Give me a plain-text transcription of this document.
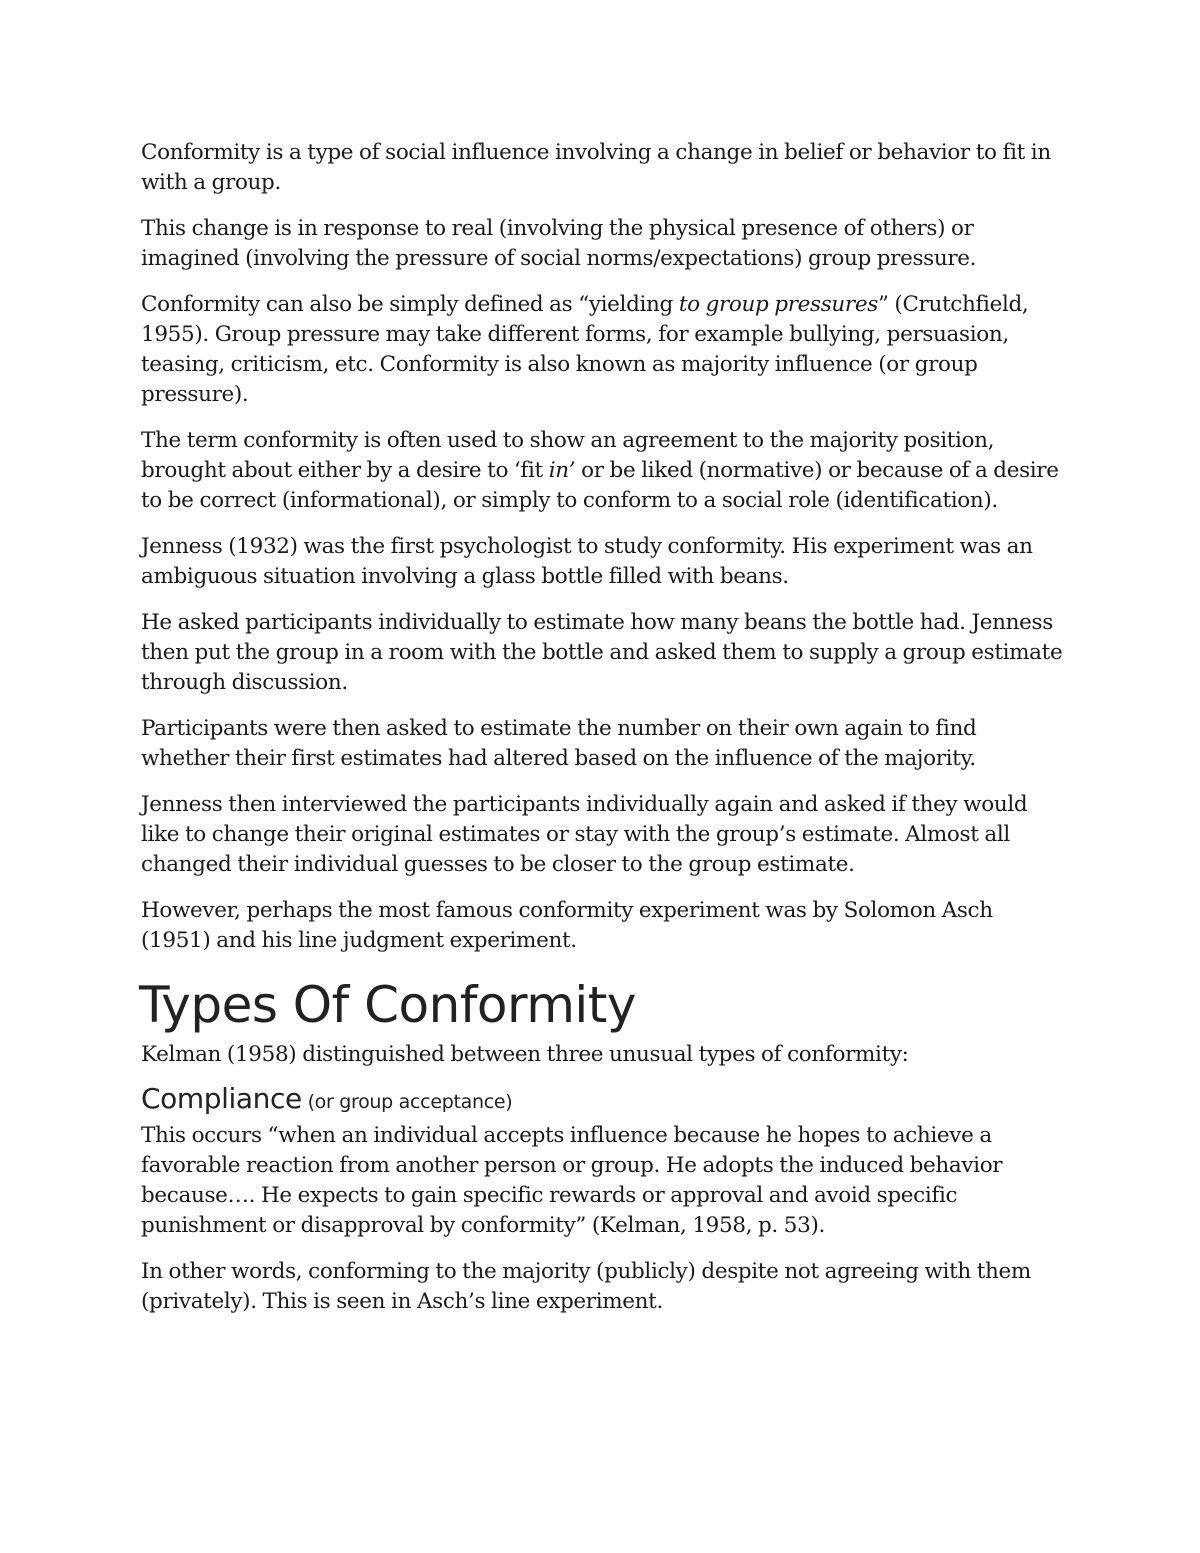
Conformity is a type of social influence involving a change in belief or behavior to fit in with a group.

This change is in response to real (involving the physical presence of others) or imagined (involving the pressure of social norms/expectations) group pressure.

Conformity can also be simply defined as “yielding to group pressures” (Crutchfield, 1955). Group pressure may take different forms, for example bullying, persuasion, teasing, criticism, etc. Conformity is also known as majority influence (or group pressure).

The term conformity is often used to show an agreement to the majority position, brought about either by a desire to ‘fit in’ or be liked (normative) or because of a desire to be correct (informational), or simply to conform to a social role (identification).

Jenness (1932) was the first psychologist to study conformity. His experiment was an ambiguous situation involving a glass bottle filled with beans.

He asked participants individually to estimate how many beans the bottle had. Jenness then put the group in a room with the bottle and asked them to supply a group estimate through discussion.

Participants were then asked to estimate the number on their own again to find whether their first estimates had altered based on the influence of the majority.

Jenness then interviewed the participants individually again and asked if they would like to change their original estimates or stay with the group’s estimate. Almost all changed their individual guesses to be closer to the group estimate.

However, perhaps the most famous conformity experiment was by Solomon Asch (1951) and his line judgment experiment.

Types Of Conformity

Kelman (1958) distinguished between three unusual types of conformity:

Compliance (or group acceptance)

This occurs “when an individual accepts influence because he hopes to achieve a favorable reaction from another person or group. He adopts the induced behavior because…. He expects to gain specific rewards or approval and avoid specific punishment or disapproval by conformity” (Kelman, 1958, p. 53).

In other words, conforming to the majority (publicly) despite not agreeing with them (privately). This is seen in Asch’s line experiment.
